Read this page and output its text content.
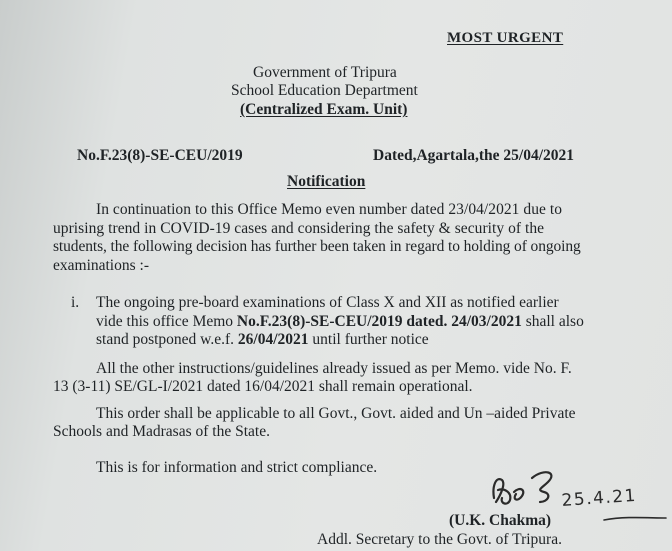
MOST URGENT
Government of Tripura
School Education Department
(Centralized Exam. Unit)
No.F.23(8)-SE-CEU/2019	Dated,Agartala,the 25/04/2021
Notification
In continuation to this Office Memo even number dated 23/04/2021 due to
uprising trend in COVID-19 cases and considering the safety & security of the
students, the following decision has further been taken in regard to holding of ongoing
examinations :-
i. The ongoing pre-board examinations of Class X and XII as notified earlier
vide this office Memo No.F.23(8)-SE-CEU/2019 dated. 24/03/2021 shall also
stand postponed w.e.f. 26/04/2021 until further notice
All the other instructions/guidelines already issued as per Memo. vide No. F.
13 (3-11) SE/GL-I/2021 dated 16/04/2021 shall remain operational.
This order shall be applicable to all Govt., Govt. aided and Un –aided Private
Schools and Madrasas of the State.
This is for information and strict compliance.
25.4.21
(U.K. Chakma)
Addl. Secretary to the Govt. of Tripura.
